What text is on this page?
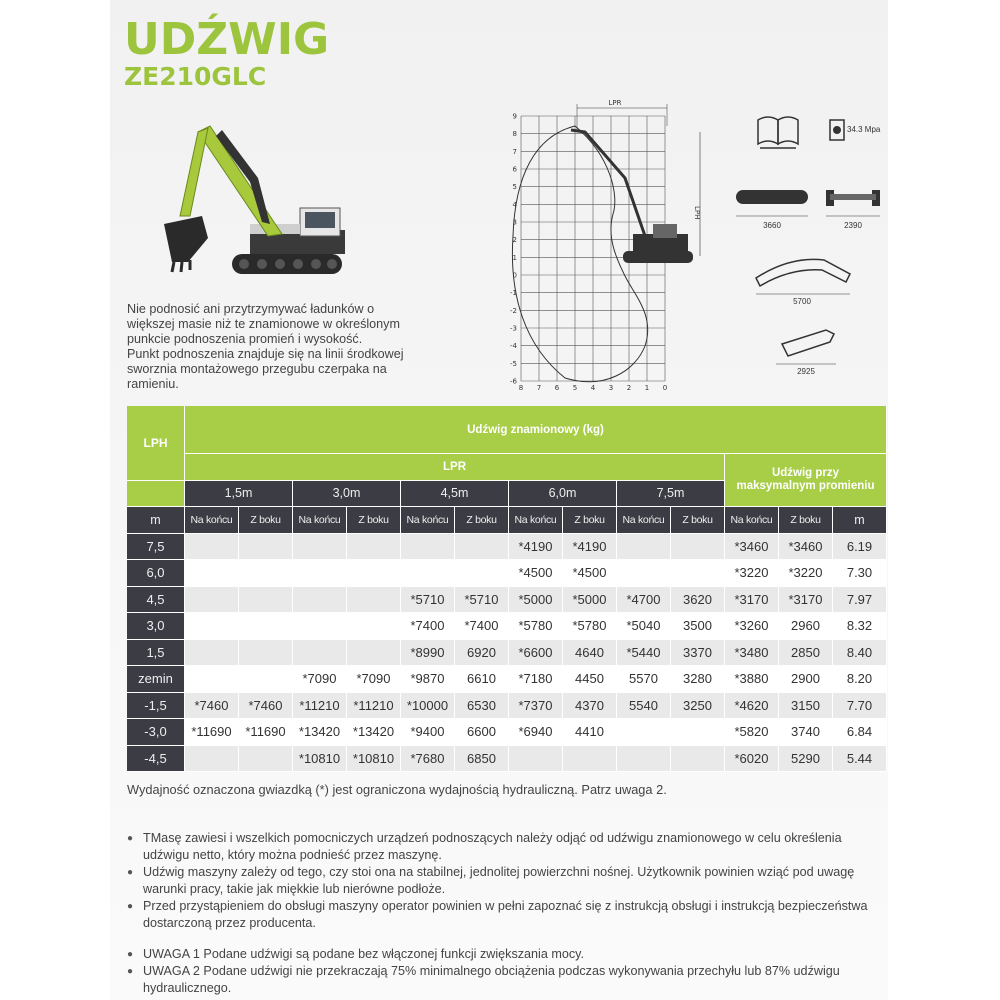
UDŹWIG
ZE210GLC

Nie podnosić ani przytrzymywać ładunków o

większej masie niż te znamionowe w określonym

punkcie podnoszenia promień i wysokość.

Punkt podnoszenia znajduje się na linii środkowej

sworznia montażowego przegubu czerpaka na

ramieniu.

LPR
LPH
9
8
7
6
5
4
3
2
1
0
-1
-2
-3
-4
-5
-6
8 7 6 5 4 3 2 1 0
34.3 Mpa
3660	2390
5700
2925
LPH	Udźwig znamionowy (kg)												
	LPR										Udźwig przy
maksymalnym promieniu		

	1,5m		3,0m		4,5m		6,0m		7,5m				
m	Na końcu	Z boku	Na końcu	Z boku	Na końcu	Z boku	Na końcu	Z boku	Na końcu	Z boku	Na końcu	Z boku	m
7,5							*4190	*4190			*3460	*3460	6.19
6,0							*4500	*4500			*3220	*3220	7.30
4,5					*5710	*5710	*5000	*5000	*4700	3620	*3170	*3170	7.97
3,0					*7400	*7400	*5780	*5780	*5040	3500	*3260	2960	8.32
1,5					*8990	6920	*6600	4640	*5440	3370	*3480	2850	8.40
zemin			*7090	*7090	*9870	6610	*7180	4450	5570	3280	*3880	2900	8.20
-1,5	*7460	*7460	*11210	*11210	*10000	6530	*7370	4370	5540	3250	*4620	3150	7.70
-3,0	*11690	*11690	*13420	*13420	*9400	6600	*6940	4410			*5820	3740	6.84
-4,5			*10810	*10810	*7680	6850					*6020	5290	5.44
Wydajność oznaczona gwiazdką (*) jest ograniczona wydajnością hydrauliczną. Patrz uwaga 2.
● TMasę zawiesi i wszelkich pomocniczych urządzeń podnoszących należy odjąć od udźwigu znamionowego w celu określenia udźwigu netto, który można podnieść przez maszynę.
● Udźwig maszyny zależy od tego, czy stoi ona na stabilnej, jednolitej powierzchni nośnej. Użytkownik powinien wziąć pod uwagę warunki pracy, takie jak miękkie lub nierówne podłoże.
● Przed przystąpieniem do obsługi maszyny operator powinien w pełni zapoznać się z instrukcją obsługi i instrukcją bezpieczeństwa dostarczoną przez producenta.
● UWAGA 1 Podane udźwigi są podane bez włączonej funkcji zwiększania mocy.
● UWAGA 2 Podane udźwigi nie przekraczają 75% minimalnego obciążenia podczas wykonywania przechyłu lub 87% udźwigu hydraulicznego.
